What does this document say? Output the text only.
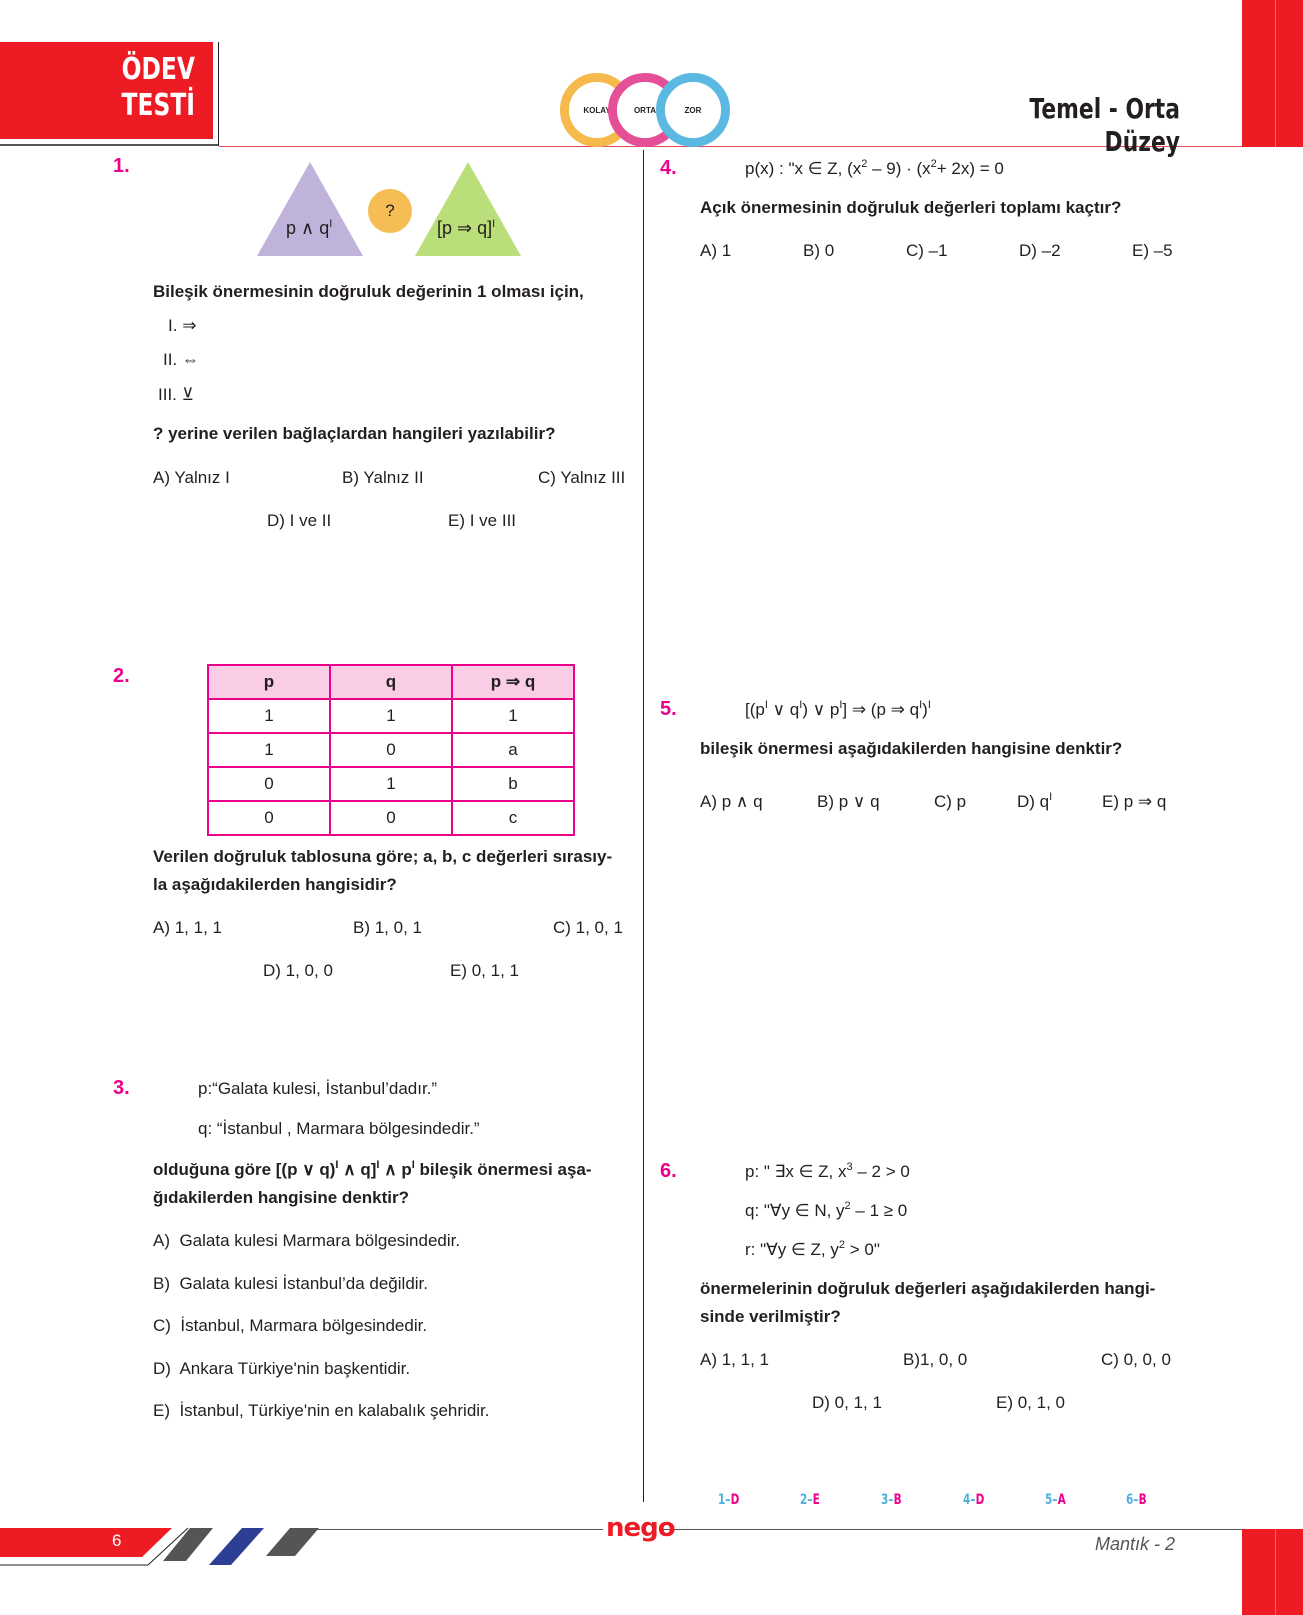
ÖDEV
TESTİ	KOLAY	ORTA	ZOR	Temel - Orta Düzey
1.
p ∧ $q^I$
?
[p ⇒ q]$^I$
Bileşik önermesinin doğruluk değerinin 1 olması için,
I. ⇒
II. ⇔
III. ⊻
? yerine verilen bağlaçlardan hangileri yazılabilir?
A) Yalnız I	B) Yalnız II	C) Yalnız III
D) I ve II	E) I ve III
2.	p	q	p ⇒ q
1	1	1
1	0	a
0	1	b
0	0	c
Verilen doğruluk tablosuna göre; a, b, c değerleri sırasıy-
la aşağıdakilerden hangisidir?
A) 1, 1, 1	B) 1, 0, 1	C) 1, 0, 1
D) 1, 0, 0	E) 0, 1, 1
3.	p:“Galata kulesi, İstanbul’dadır.”
q: “İstanbul , Marmara bölgesindedir.”
olduğuna göre [(p ∨ q)$^I$ ∧ q]$^I$ ∧ $p^I$ bileşik önermesi aşa-
ğıdakilerden hangisine denktir?
A) Galata kulesi Marmara bölgesindedir.
B) Galata kulesi İstanbul’da değildir.
C) İstanbul, Marmara bölgesindedir.
D) Ankara Türkiye'nin başkentidir.
E) İstanbul, Türkiye'nin en kalabalık şehridir.
4.	p(x) : "x ∈ Z, $(x^2 - 9) \cdot (x^2+ 2x) = 0$
Açık önermesinin doğruluk değerleri toplamı kaçtır?
A) 1	B) 0	C) –1	D) –2	E) –5
5.	[($p^I$ ∨ $q^I$) ∨ $p^I$] ⇒ (p ⇒ $q^I)^I$
bileşik önermesi aşağıdakilerden hangisine denktir?
A) p ∧ q	B) p ∨ q	C) p	D) $q^I$	E) p ⇒ q
6.	p: " ∃x ∈ Z, $x^3 - 2 > 0$
q: "∀y ∈ N, $y^2 - 1 \ge 0$
r: "∀y ∈ Z, $y^2 > 0$"
önermelerinin doğruluk değerleri aşağıdakilerden hangi-
sinde verilmiştir?
A) 1, 1, 1	B)1, 0, 0	C) 0, 0, 0
D) 0, 1, 1	E) 0, 1, 0
1–D	2–E	3–B	4–D	5–A	6–B
6	nego
Mantık - 2
